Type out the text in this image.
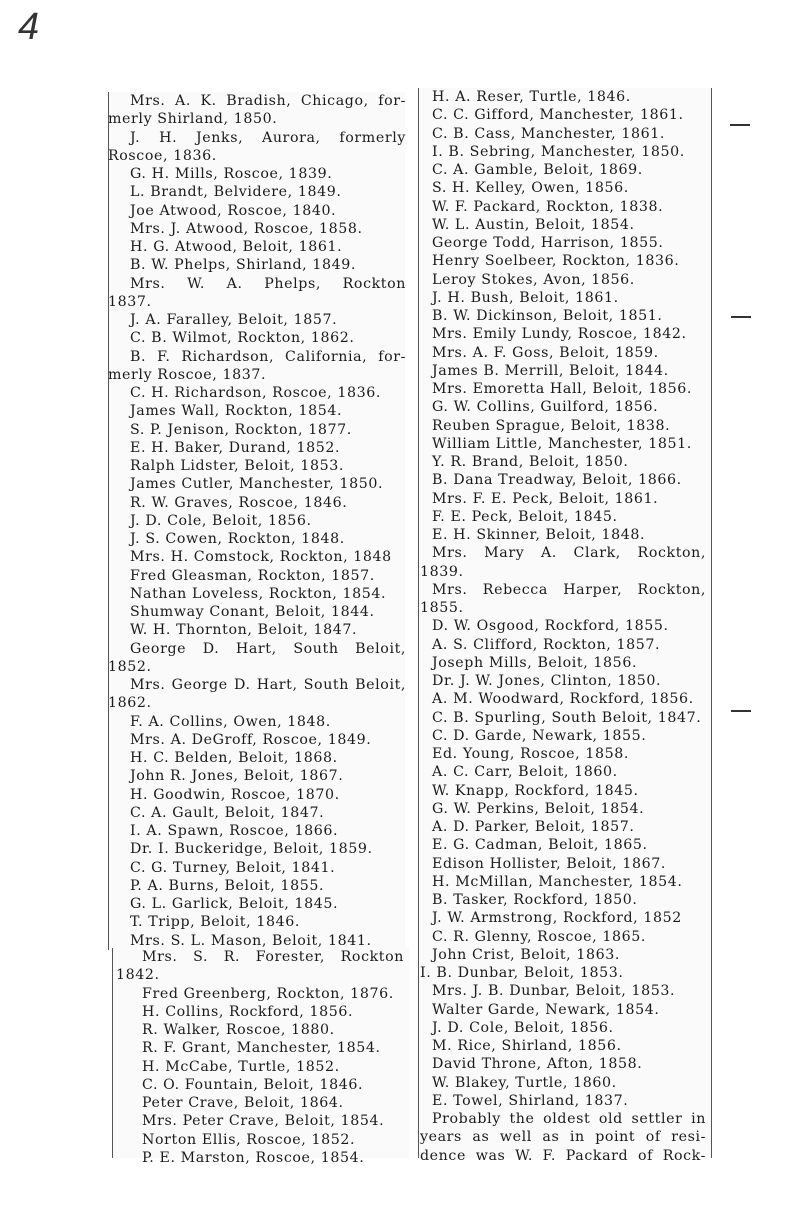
4
Mrs. A. K. Bradish, Chicago, for-
merly Shirland, 1850.
J. H. Jenks, Aurora, formerly
Roscoe, 1836.
G. H. Mills, Roscoe, 1839.
L. Brandt, Belvidere, 1849.
Joe Atwood, Roscoe, 1840.
Mrs. J. Atwood, Roscoe, 1858.
H. G. Atwood, Beloit, 1861.
B. W. Phelps, Shirland, 1849.
Mrs. W. A. Phelps, Rockton
1837.
J. A. Faralley, Beloit, 1857.
C. B. Wilmot, Rockton, 1862.
B. F. Richardson, California, for-
merly Roscoe, 1837.
C. H. Richardson, Roscoe, 1836.
James Wall, Rockton, 1854.
S. P. Jenison, Rockton, 1877.
E. H. Baker, Durand, 1852.
Ralph Lidster, Beloit, 1853.
James Cutler, Manchester, 1850.
R. W. Graves, Roscoe, 1846.
J. D. Cole, Beloit, 1856.
J. S. Cowen, Rockton, 1848.
Mrs. H. Comstock, Rockton, 1848
Fred Gleasman, Rockton, 1857.
Nathan Loveless, Rockton, 1854.
Shumway Conant, Beloit, 1844.
W. H. Thornton, Beloit, 1847.
George D. Hart, South Beloit,
1852.
Mrs. George D. Hart, South Beloit,
1862.
F. A. Collins, Owen, 1848.
Mrs. A. DeGroff, Roscoe, 1849.
H. C. Belden, Beloit, 1868.
John R. Jones, Beloit, 1867.
H. Goodwin, Roscoe, 1870.
C. A. Gault, Beloit, 1847.
I. A. Spawn, Roscoe, 1866.
Dr. I. Buckeridge, Beloit, 1859.
C. G. Turney, Beloit, 1841.
P. A. Burns, Beloit, 1855.
G. L. Garlick, Beloit, 1845.
T. Tripp, Beloit, 1846.
Mrs. S. L. Mason, Beloit, 1841.
Mrs. S. R. Forester, Rockton
1842.
Fred Greenberg, Rockton, 1876.
H. Collins, Rockford, 1856.
R. Walker, Roscoe, 1880.
R. F. Grant, Manchester, 1854.
H. McCabe, Turtle, 1852.
C. O. Fountain, Beloit, 1846.
Peter Crave, Beloit, 1864.
Mrs. Peter Crave, Beloit, 1854.
Norton Ellis, Roscoe, 1852.
P. E. Marston, Roscoe, 1854.
H. A. Reser, Turtle, 1846.
C. C. Gifford, Manchester, 1861.
C. B. Cass, Manchester, 1861.
I. B. Sebring, Manchester, 1850.
C. A. Gamble, Beloit, 1869.
S. H. Kelley, Owen, 1856.
W. F. Packard, Rockton, 1838.
W. L. Austin, Beloit, 1854.
George Todd, Harrison, 1855.
Henry Soelbeer, Rockton, 1836.
Leroy Stokes, Avon, 1856.
J. H. Bush, Beloit, 1861.
B. W. Dickinson, Beloit, 1851.
Mrs. Emily Lundy, Roscoe, 1842.
Mrs. A. F. Goss, Beloit, 1859.
James B. Merrill, Beloit, 1844.
Mrs. Emoretta Hall, Beloit, 1856.
G. W. Collins, Guilford, 1856.
Reuben Sprague, Beloit, 1838.
William Little, Manchester, 1851.
Y. R. Brand, Beloit, 1850.
B. Dana Treadway, Beloit, 1866.
Mrs. F. E. Peck, Beloit, 1861.
F. E. Peck, Beloit, 1845.
E. H. Skinner, Beloit, 1848.
Mrs. Mary A. Clark, Rockton,
1839.
Mrs. Rebecca Harper, Rockton,
1855.
D. W. Osgood, Rockford, 1855.
A. S. Clifford, Rockton, 1857.
Joseph Mills, Beloit, 1856.
Dr. J. W. Jones, Clinton, 1850.
A. M. Woodward, Rockford, 1856.
C. B. Spurling, South Beloit, 1847.
C. D. Garde, Newark, 1855.
Ed. Young, Roscoe, 1858.
A. C. Carr, Beloit, 1860.
W. Knapp, Rockford, 1845.
G. W. Perkins, Beloit, 1854.
A. D. Parker, Beloit, 1857.
E. G. Cadman, Beloit, 1865.
Edison Hollister, Beloit, 1867.
H. McMillan, Manchester, 1854.
B. Tasker, Rockford, 1850.
J. W. Armstrong, Rockford, 1852
C. R. Glenny, Roscoe, 1865.
John Crist, Beloit, 1863.
I. B. Dunbar, Beloit, 1853.
Mrs. J. B. Dunbar, Beloit, 1853.
Walter Garde, Newark, 1854.
J. D. Cole, Beloit, 1856.
M. Rice, Shirland, 1856.
David Throne, Afton, 1858.
W. Blakey, Turtle, 1860.
E. Towel, Shirland, 1837.
Probably the oldest old settler in
years as well as in point of resi-
dence was W. F. Packard of Rock-
